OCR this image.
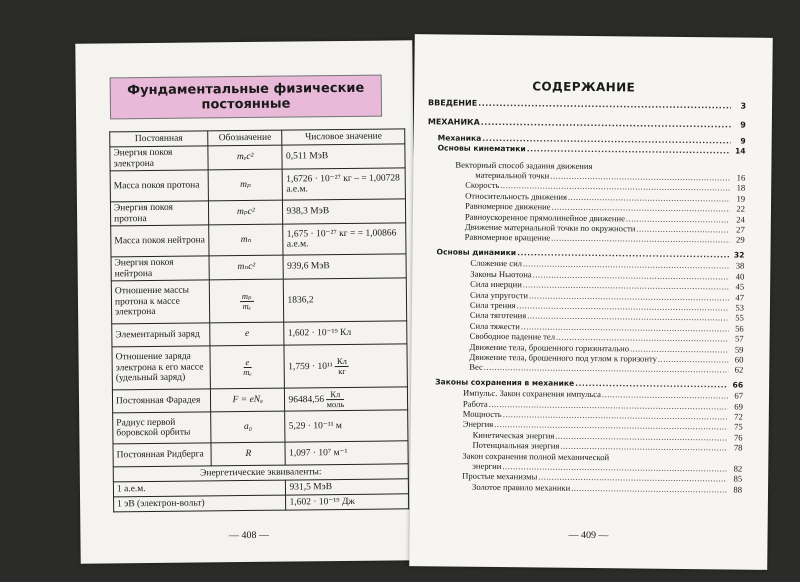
Фундаментальные физические постоянные
Постоянная	Обозначение	Числовое значение
Энергия покоя электрона	mₑc²	0,511 МэВ
Масса покоя протона	mₚ	1,6726 · 10⁻²⁷ кг – = 1,00728 а.е.м.
Энергия покоя протона	mₚc²	938,3 МэВ
Масса покоя нейтрона	mₙ	1,675 · 10⁻²⁷ кг = = 1,00866 а.е.м.
Энергия покоя нейтрона	mₙc²	939,6 МэВ
Отношение массы протона к массе электрона	$\frac{\text{mₚ}}{\text{mₑ}}$	1836,2
Элементарный заряд	e	1,602 · 10⁻¹⁹ Кл
Отношение заряда электрона к его массе (удельный заряд)	$\frac{e}{\text{mₑ}}$	$1,759 \cdot 10^{11} \frac{Кл}{кг}$

Постоянная Фарадея	F = eNₐ	$96484,56 \frac{Кл}{\text{моль}}$

Радиус первой боровской орбиты	a₀	5,29 · 10⁻¹¹ м
Постоянная Ридберга	R	1,097 · 10⁷ м⁻¹
Энергетические эквиваленты:		
1 а.е.м.		931,5 МэВ
1 эВ (электрон-вольт)		1,602 · 10⁻¹⁹ Дж
— 408 —
СОДЕРЖАНИЕ
ВВЕДЕНИЕ .....	3
МЕХАНИКА .....	9
Механика .....	9
Основы кинематики .....	14
Векторный способ задания движения
материальной точки .....	16
Скорость .....	18
Относительность движения .....	19
Равномерное движение .....	22
Равноускоренное прямолинейное движение .....	24
Движение материальной точки по окружности .....	27
Равномерное вращение .....	29
Основы динамики .....	32
Сложение сил .....	38
Законы Ньютона .....	40
Сила инерции .....	45
Сила упругости .....	47
Сила трения .....	53
Сила тяготения .....	55
Сила тяжести .....	56
Свободное падение тел .....	57
Движение тела, брошенного горизонтально .....	59
Движение тела, брошенного под углом к горизонту .....	60
Вес .....	62
Законы сохранения в механике .....	66
Импульс. Закон сохранения импульса .....	67
Работа .....	69
Мощность .....	72
Энергия .....	75
Кинетическая энергия .....	76
Потенциальная энергия .....	78
Закон сохранения полной механической
энергии .....	82
Простые механизмы .....	85
Золотое правило механики .....	88
— 409 —
